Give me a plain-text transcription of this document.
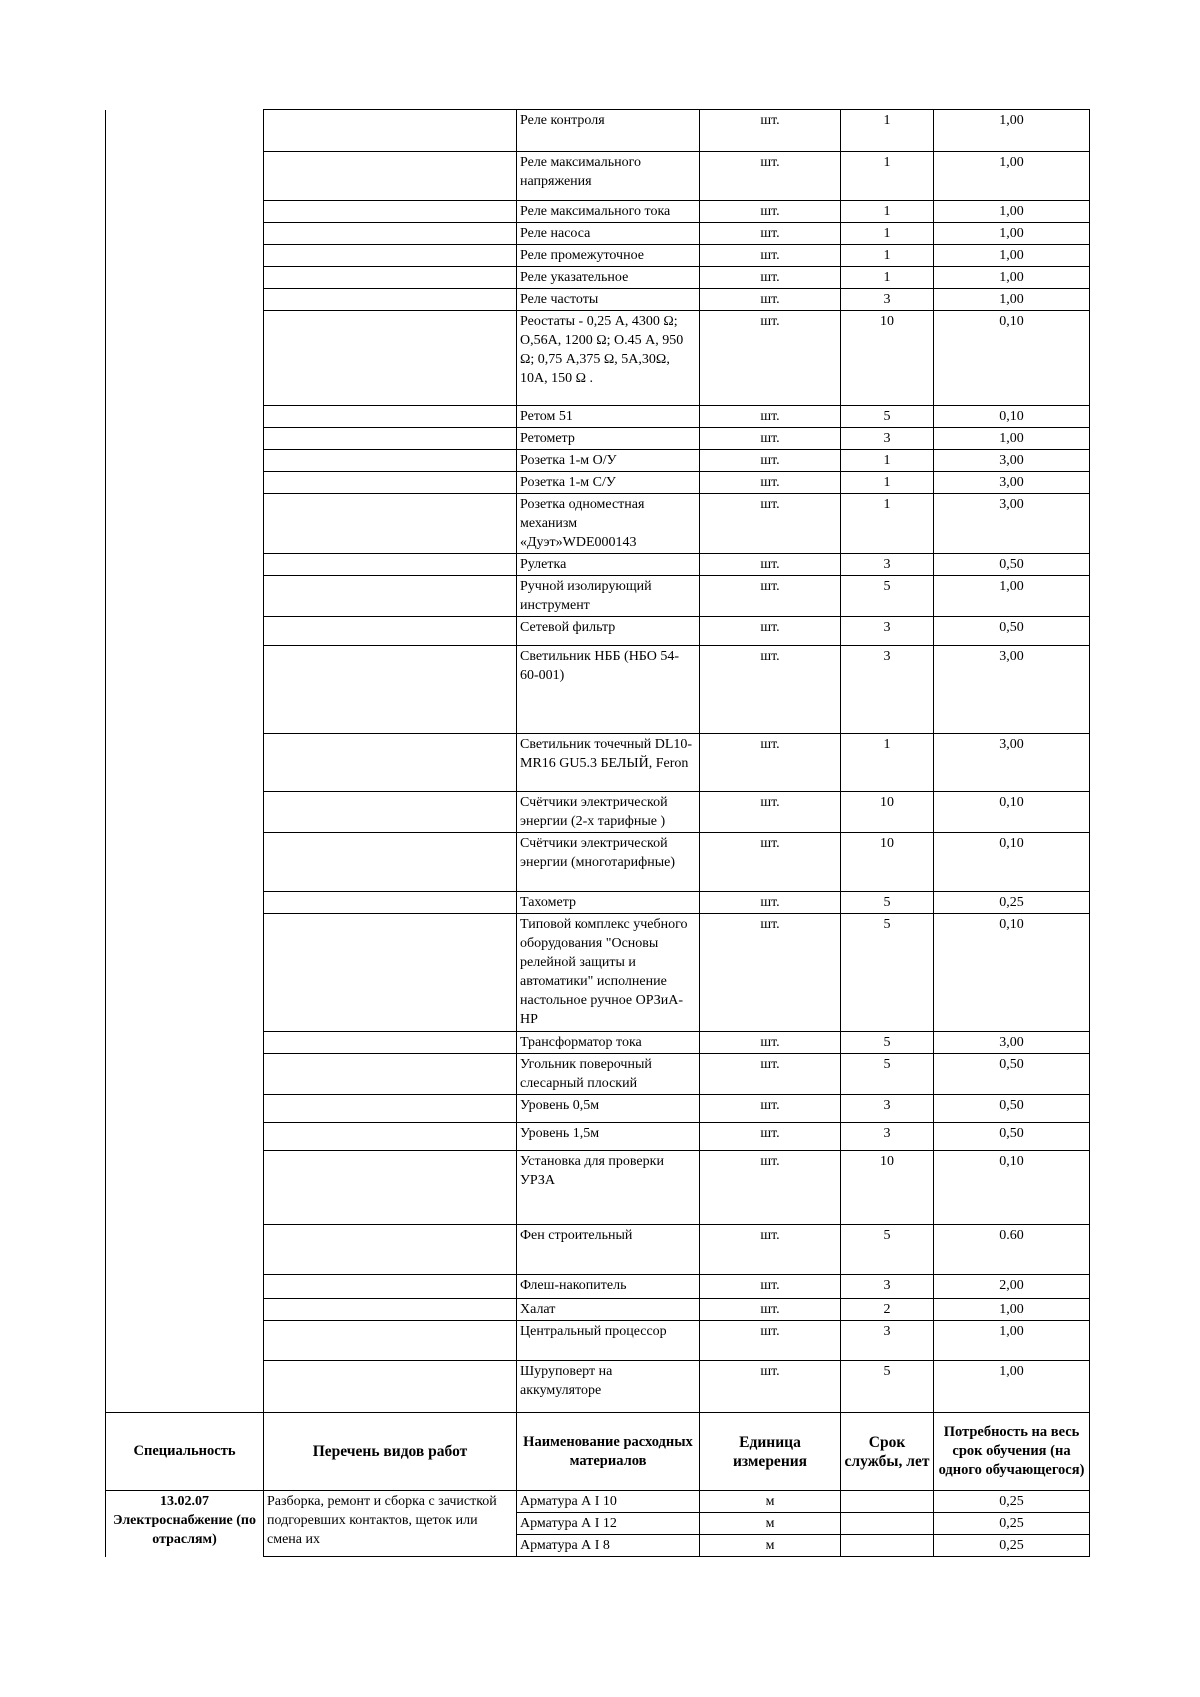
		Реле контроля	шт.	1	1,00
		Реле максимального напряжения	шт.	1	1,00
		Реле максимального тока	шт.	1	1,00
		Реле насоса	шт.	1	1,00
		Реле промежуточное	шт.	1	1,00
		Реле указательное	шт.	1	1,00
		Реле частоты	шт.	3	1,00
		Реостаты - 0,25 А, 4300 Ω; О,56А, 1200 Ω; О.45 А, 950 Ω; 0,75 А,375 Ω, 5А,30Ω, 10А, 150 Ω .	шт.	10	0,10
		Ретом 51	шт.	5	0,10
		Ретометр	шт.	3	1,00
		Розетка 1-м О/У	шт.	1	3,00
		Розетка 1-м С/У	шт.	1	3,00
		Розетка одноместная механизм «Дуэт»WDE000143	шт.	1	3,00
		Рулетка	шт.	3	0,50
		Ручной изолирующий инструмент	шт.	5	1,00
		Сетевой фильтр	шт.	3	0,50
		Светильник НББ (НБО 54-60-001)	шт.	3	3,00
		Светильник точечный DL10-MR16 GU5.3 БЕЛЫЙ, Feron	шт.	1	3,00
		Счётчики электрической энергии (2-х тарифные )	шт.	10	0,10
		Счётчики электрической энергии (многотарифные)	шт.	10	0,10
		Тахометр	шт.	5	0,25
		Типовой комплекс учебного оборудования "Основы релейной защиты и автоматики" исполнение настольное ручное ОРЗиА-НР	шт.	5	0,10
		Трансформатор тока	шт.	5	3,00
		Угольник поверочный слесарный плоский	шт.	5	0,50
		Уровень 0,5м	шт.	3	0,50
		Уровень 1,5м	шт.	3	0,50
		Установка для проверки УРЗА	шт.	10	0,10
		Фен строительный	шт.	5	0.60
		Флеш-накопитель	шт.	3	2,00
		Халат	шт.	2	1,00
		Центральный процессор	шт.	3	1,00
		Шуруповерт на аккумуляторе	шт.	5	1,00
Специальность	Перечень видов работ	Наименование расходных материалов	Единица измерения	Срок службы, лет	Потребность на весь срок обучения (на одного обучающегося)
13.02.07 Электроснабжение (по отраслям)	Разборка, ремонт и сборка с зачисткой подгоревших контактов, щеток или смена их	Арматура А I 10	м		0,25
		Арматура А I 12	м		0,25
		Арматура А I 8	м		0,25
